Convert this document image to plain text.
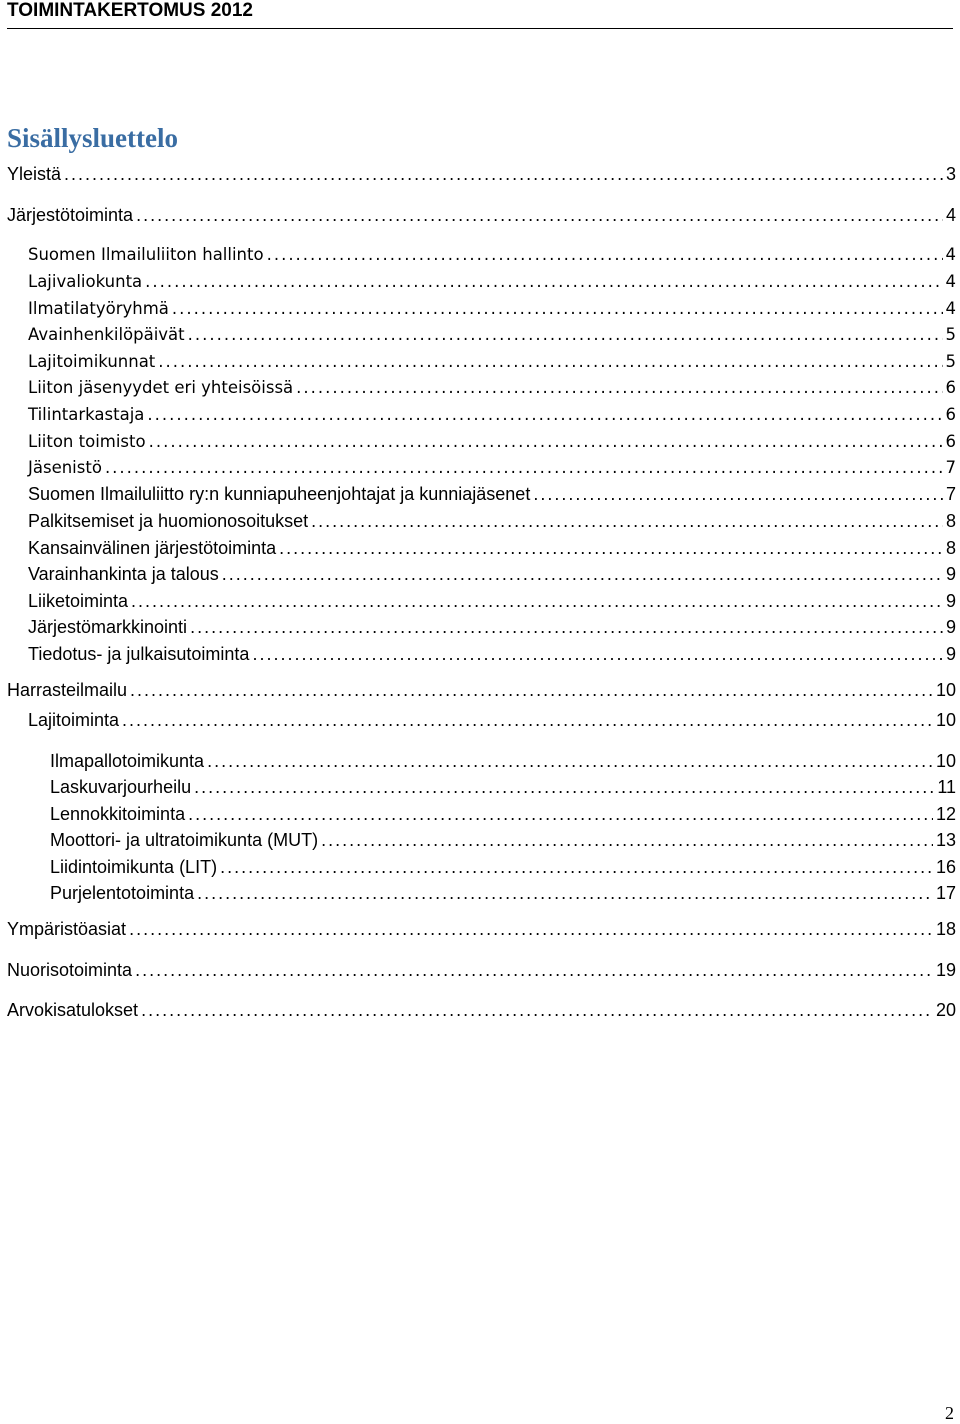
TOIMINTAKERTOMUS 2012
Sisällysluettelo
Yleistä .....	3
Järjestötoiminta .....	4
Suomen Ilmailuliiton hallinto .....	4
Lajivaliokunta .....	4
Ilmatilatyöryhmä .....	4
Avainhenkilöpäivät .....	5
Lajitoimikunnat .....	5
Liiton jäsenyydet eri yhteisöissä .....	6
Tilintarkastaja .....	6
Liiton toimisto .....	6
Jäsenistö .....	7
Suomen Ilmailuliitto ry:n kunniapuheenjohtajat ja kunniajäsenet .....	7
Palkitsemiset ja huomionosoitukset .....	8
Kansainvälinen järjestötoiminta .....	8
Varainhankinta ja talous .....	9
Liiketoiminta .....	9
Järjestömarkkinointi .....	9
Tiedotus- ja julkaisutoiminta .....	9
Harrasteilmailu .....	10
Lajitoiminta .....	10
Ilmapallotoimikunta .....	10
Laskuvarjourheilu .....	11
Lennokkitoiminta .....	12
Moottori- ja ultratoimikunta (MUT) .....	13
Liidintoimikunta (LIT) .....	16
Purjelentotoiminta .....	17
Ympäristöasiat .....	18
Nuorisotoiminta .....	19
Arvokisatulokset .....	20
2
